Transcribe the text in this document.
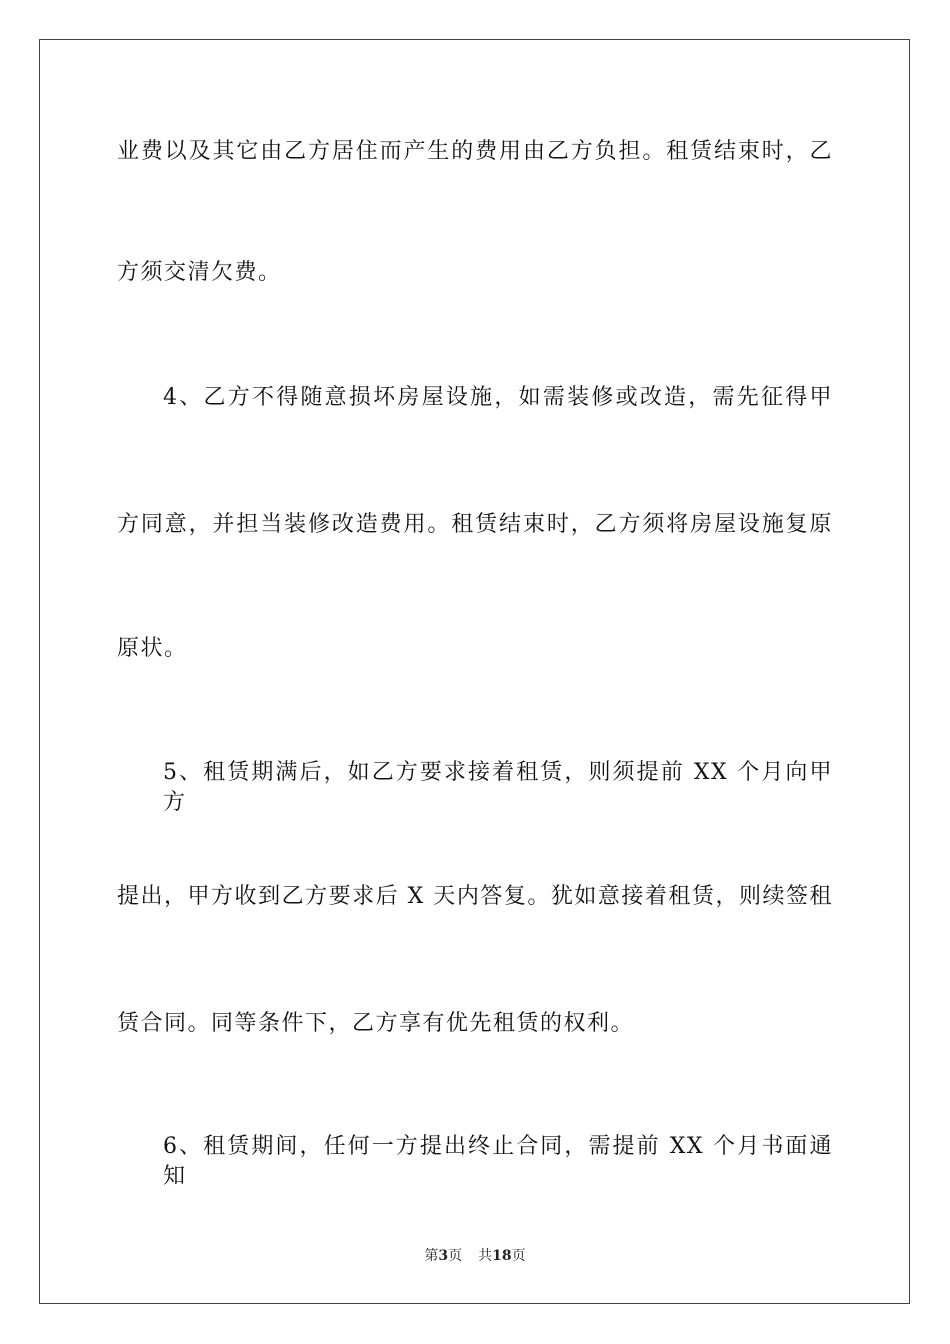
业费以及其它由乙方居住而产生的费用由乙方负担。租赁结束时，乙
方须交清欠费。
4、乙方不得随意损坏房屋设施，如需装修或改造，需先征得甲
方同意，并担当装修改造费用。租赁结束时，乙方须将房屋设施复原
原状。
5、租赁期满后，如乙方要求接着租赁，则须提前 XX 个月向甲方
提出，甲方收到乙方要求后 X 天内答复。犹如意接着租赁，则续签租
赁合同。同等条件下，乙方享有优先租赁的权利。
6、租赁期间，任何一方提出终止合同，需提前 XX 个月书面通知
第3页 共18页
